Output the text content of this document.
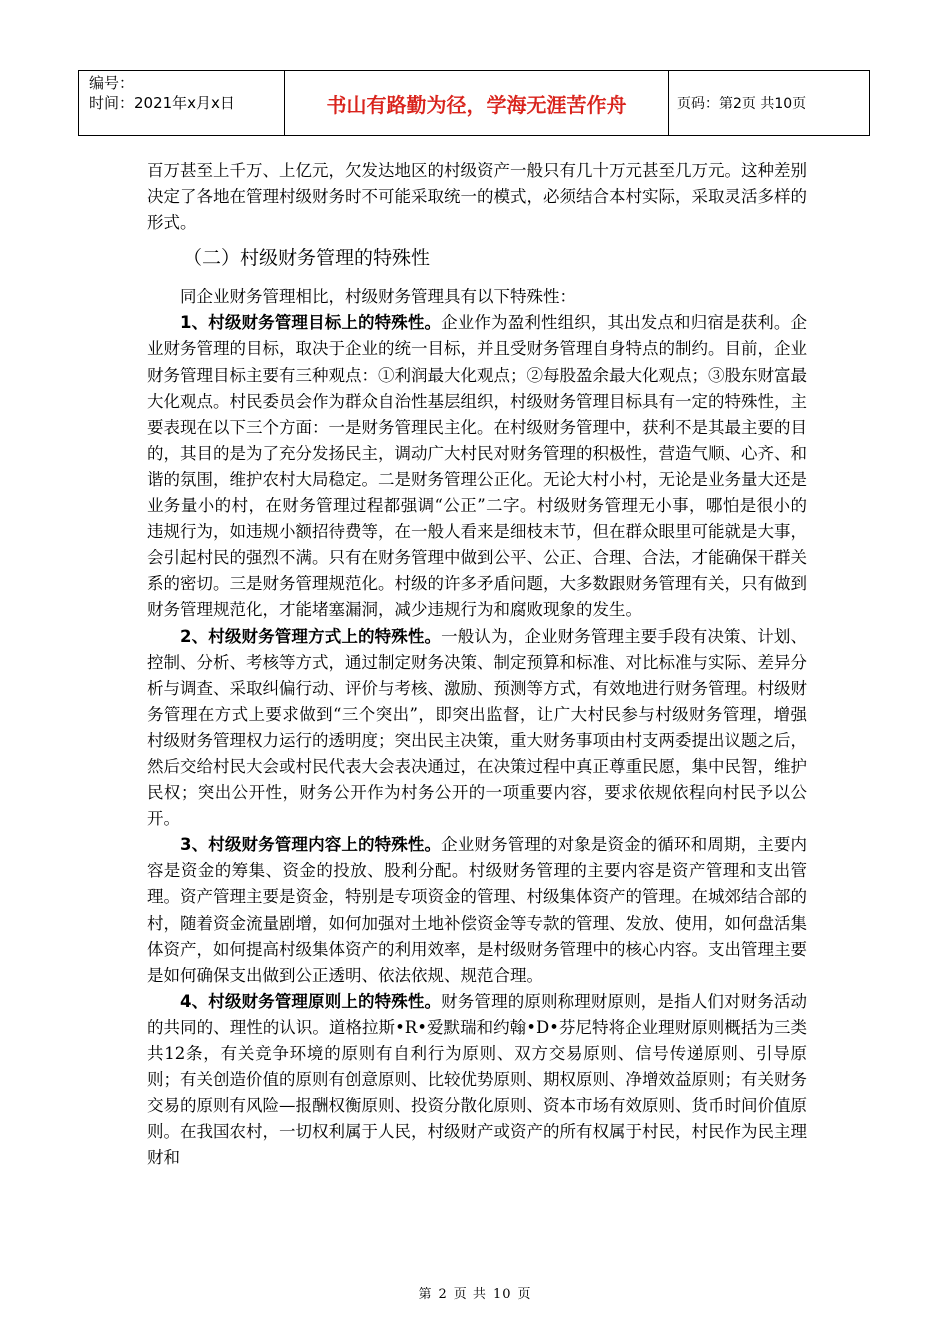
编号：
时间：2021年x月x日	书山有路勤为径，学海无涯苦作舟	页码：第2页 共10页

百万甚至上千万、上亿元，欠发达地区的村级资产一般只有几十万元甚至几万元。这种差别决定了各地在管理村级财务时不可能采取统一的模式，必须结合本村实际，采取灵活多样的形式。

（二）村级财务管理的特殊性

同企业财务管理相比，村级财务管理具有以下特殊性：

1、村级财务管理目标上的特殊性。企业作为盈利性组织，其出发点和归宿是获利。企业财务管理的目标，取决于企业的统一目标，并且受财务管理自身特点的制约。目前，企业财务管理目标主要有三种观点：①利润最大化观点；②每股盈余最大化观点；③股东财富最大化观点。村民委员会作为群众自治性基层组织，村级财务管理目标具有一定的特殊性，主要表现在以下三个方面：一是财务管理民主化。在村级财务管理中，获利不是其最主要的目的，其目的是为了充分发扬民主，调动广大村民对财务管理的积极性，营造气顺、心齐、和谐的氛围，维护农村大局稳定。二是财务管理公正化。无论大村小村，无论是业务量大还是业务量小的村，在财务管理过程都强调“公正”二字。村级财务管理无小事，哪怕是很小的违规行为，如违规小额招待费等，在一般人看来是细枝末节，但在群众眼里可能就是大事，会引起村民的强烈不满。只有在财务管理中做到公平、公正、合理、合法，才能确保干群关系的密切。三是财务管理规范化。村级的许多矛盾问题，大多数跟财务管理有关，只有做到财务管理规范化，才能堵塞漏洞，减少违规行为和腐败现象的发生。

2、村级财务管理方式上的特殊性。一般认为，企业财务管理主要手段有决策、计划、控制、分析、考核等方式，通过制定财务决策、制定预算和标准、对比标准与实际、差异分析与调查、采取纠偏行动、评价与考核、激励、预测等方式，有效地进行财务管理。村级财务管理在方式上要求做到“三个突出”，即突出监督，让广大村民参与村级财务管理，增强村级财务管理权力运行的透明度；突出民主决策，重大财务事项由村支两委提出议题之后，然后交给村民大会或村民代表大会表决通过，在决策过程中真正尊重民愿，集中民智，维护民权；突出公开性，财务公开作为村务公开的一项重要内容，要求依规依程向村民予以公开。

3、村级财务管理内容上的特殊性。企业财务管理的对象是资金的循环和周期，主要内容是资金的筹集、资金的投放、股利分配。村级财务管理的主要内容是资产管理和支出管理。资产管理主要是资金，特别是专项资金的管理、村级集体资产的管理。在城郊结合部的村，随着资金流量剧增，如何加强对土地补偿资金等专款的管理、发放、使用，如何盘活集体资产，如何提高村级集体资产的利用效率，是村级财务管理中的核心内容。支出管理主要是如何确保支出做到公正透明、依法依规、规范合理。

4、村级财务管理原则上的特殊性。财务管理的原则称理财原则，是指人们对财务活动的共同的、理性的认识。道格拉斯•R•爱默瑞和约翰•D•芬尼特将企业理财原则概括为三类共12条，有关竞争环境的原则有自利行为原则、双方交易原则、信号传递原则、引导原则；有关创造价值的原则有创意原则、比较优势原则、期权原则、净增效益原则；有关财务交易的原则有风险—报酬权衡原则、投资分散化原则、资本市场有效原则、货币时间价值原则。在我国农村，一切权利属于人民，村级财产或资产的所有权属于村民，村民作为民主理财和

第 2 页 共 10 页
